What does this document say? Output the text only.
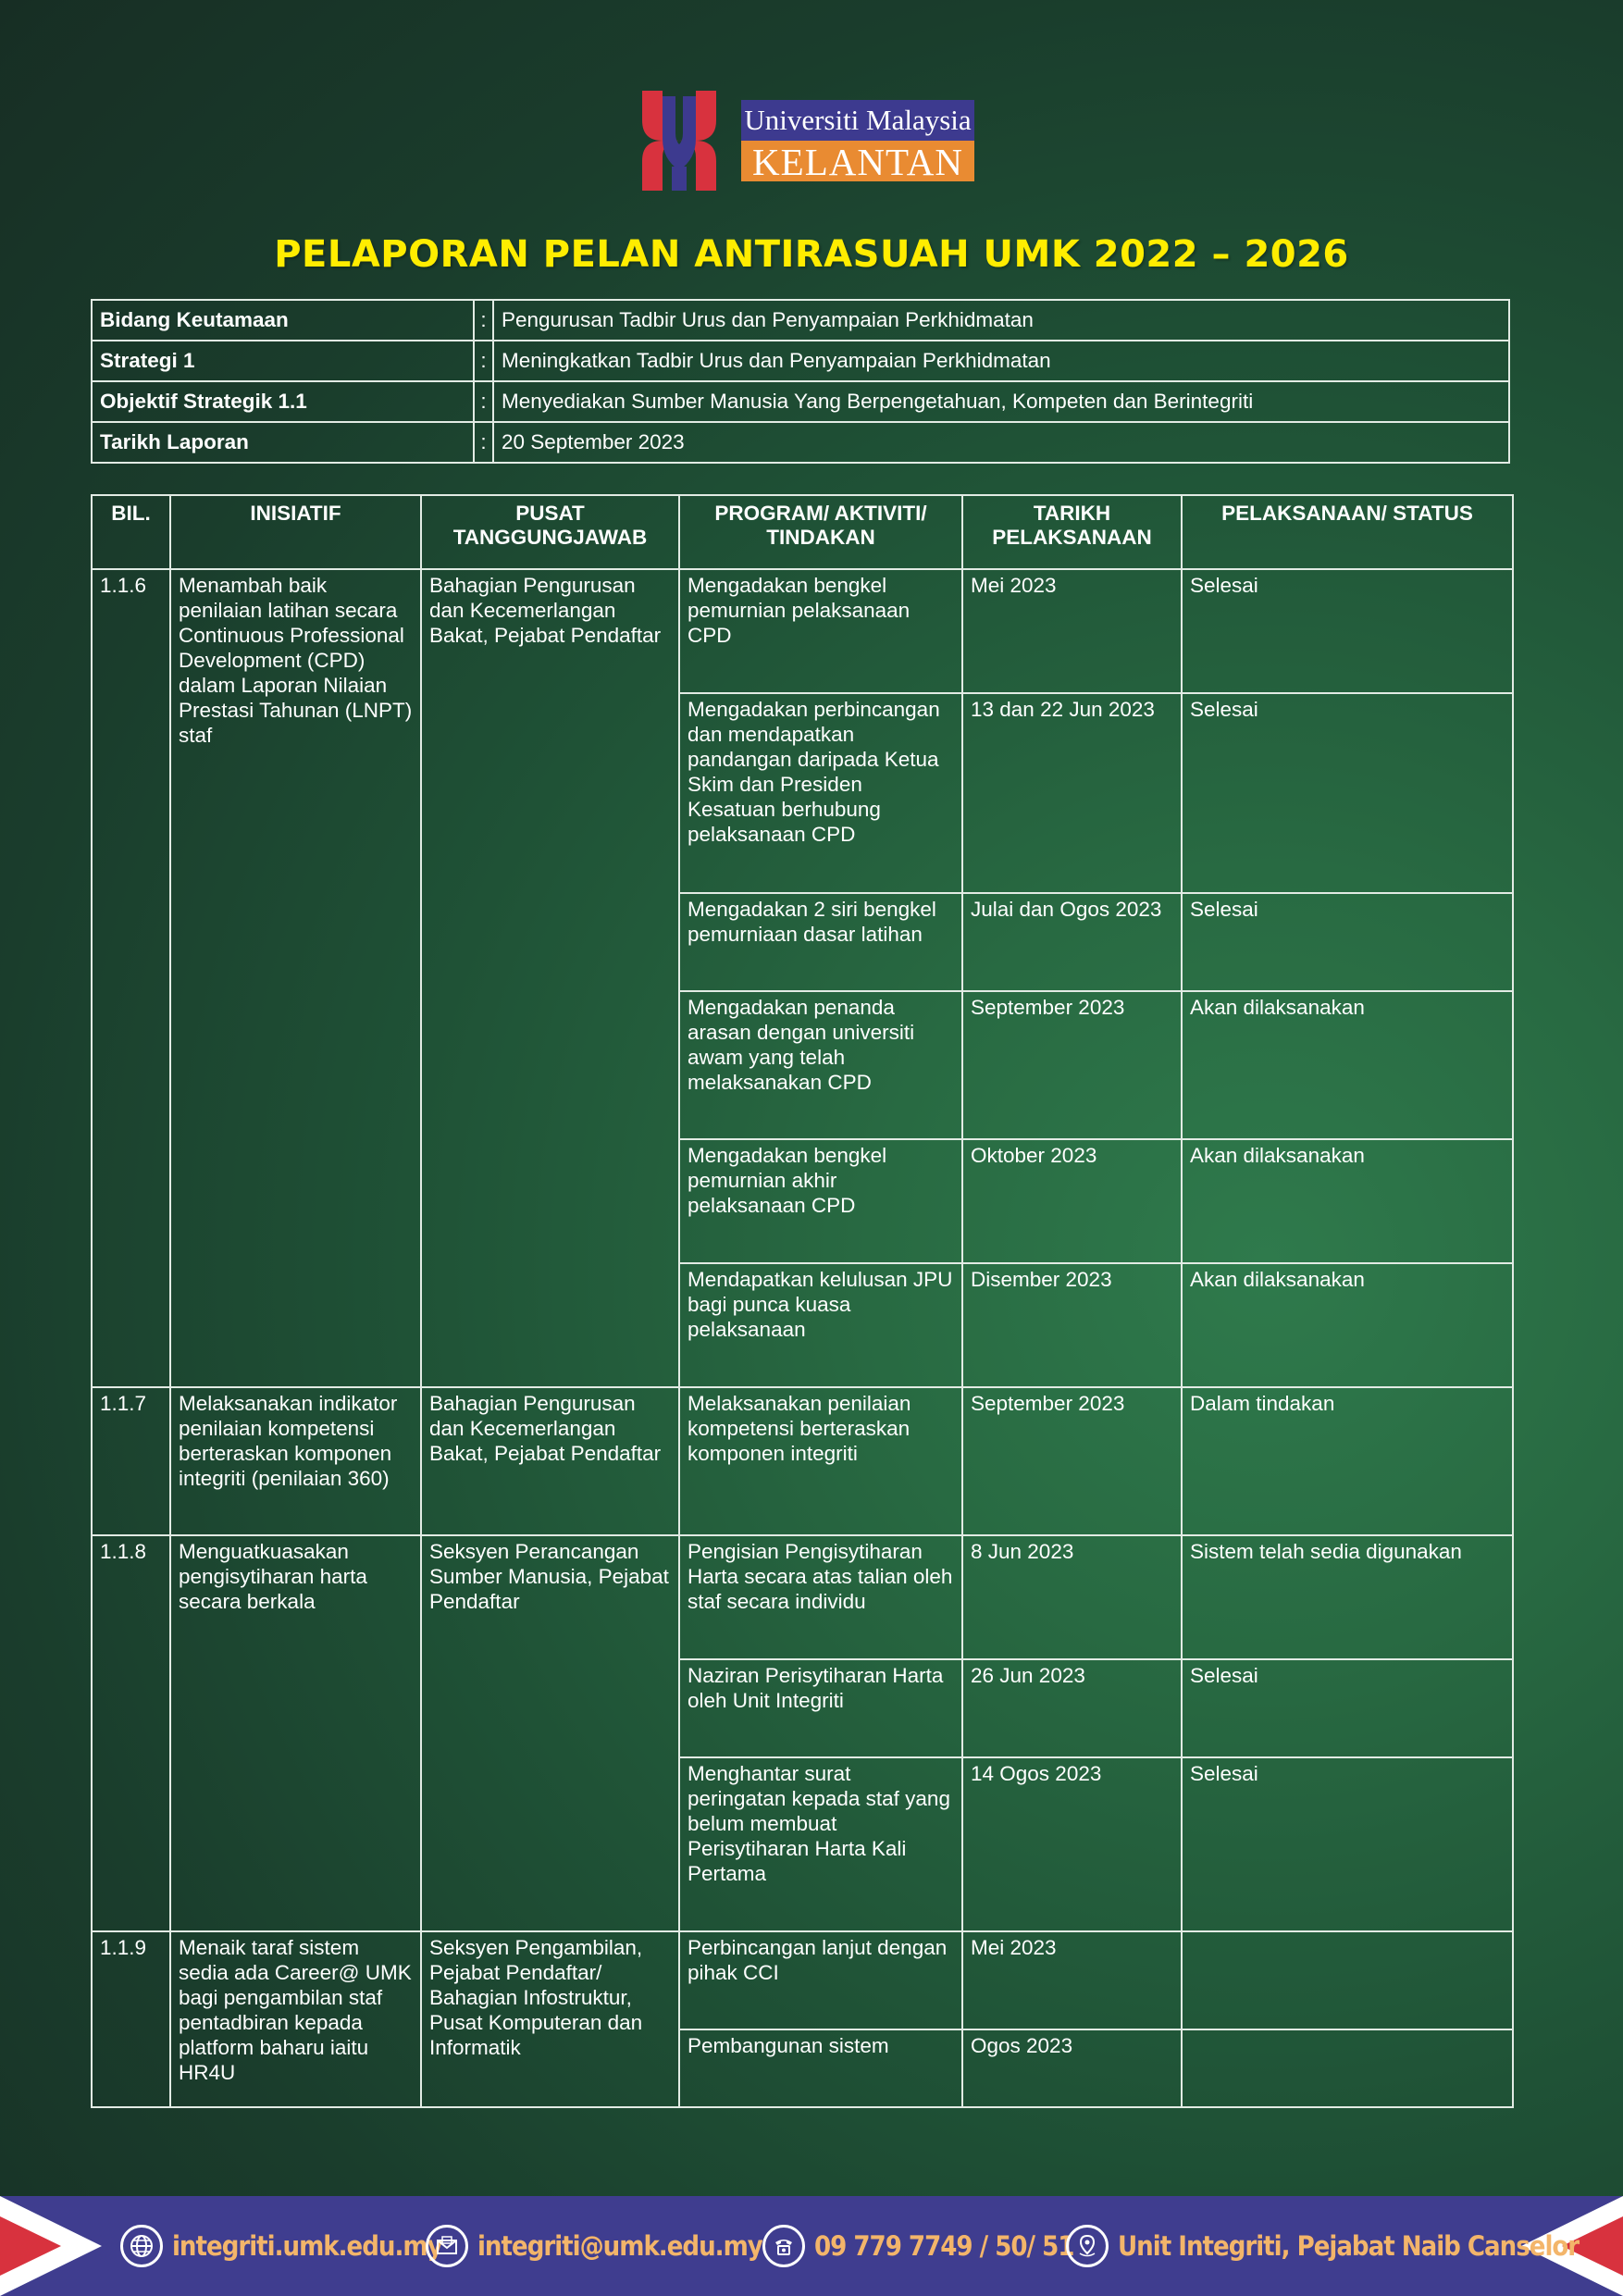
Universiti Malaysia
KELANTAN
PELAPORAN PELAN ANTIRASUAH UMK 2022 – 2026
Bidang Keutamaan	:	Pengurusan Tadbir Urus dan Penyampaian Perkhidmatan
Strategi 1	:	Meningkatkan Tadbir Urus dan Penyampaian Perkhidmatan
Objektif Strategik 1.1	:	Menyediakan Sumber Manusia Yang Berpengetahuan, Kompeten dan Berintegriti
Tarikh Laporan	:	20 September 2023
BIL.	INISIATIF	PUSAT TANGGUNGJAWAB	PROGRAM/ AKTIVITI/ TINDAKAN	TARIKH PELAKSANAAN	PELAKSANAAN/ STATUS
1.1.6	Menambah baik penilaian latihan secara Continuous Professional Development (CPD) dalam Laporan Nilaian Prestasi Tahunan (LNPT) staf	Bahagian Pengurusan dan Kecemerlangan Bakat, Pejabat Pendaftar	Mengadakan bengkel pemurnian pelaksanaan CPD	Mei 2023	Selesai
			Mengadakan perbincangan dan mendapatkan pandangan daripada Ketua Skim dan Presiden Kesatuan berhubung pelaksanaan CPD	13 dan 22 Jun 2023	Selesai
			Mengadakan 2 siri bengkel pemurniaan dasar latihan	Julai dan Ogos 2023	Selesai
			Mengadakan penanda arasan dengan universiti awam yang telah melaksanakan CPD	September 2023	Akan dilaksanakan
			Mengadakan bengkel pemurnian akhir pelaksanaan CPD	Oktober 2023	Akan dilaksanakan
			Mendapatkan kelulusan JPU bagi punca kuasa pelaksanaan	Disember 2023	Akan dilaksanakan
1.1.7	Melaksanakan indikator penilaian kompetensi berteraskan komponen integriti (penilaian 360)	Bahagian Pengurusan dan Kecemerlangan Bakat, Pejabat Pendaftar	Melaksanakan penilaian kompetensi berteraskan komponen integriti	September 2023	Dalam tindakan
1.1.8	Menguatkuasakan pengisytiharan harta secara berkala	Seksyen Perancangan Sumber Manusia, Pejabat Pendaftar	Pengisian Pengisytiharan Harta secara atas talian oleh staf secara individu	8 Jun 2023	Sistem telah sedia digunakan
			Naziran Perisytiharan Harta oleh Unit Integriti	26 Jun 2023	Selesai
			Menghantar surat peringatan kepada staf yang belum membuat Perisytiharan Harta Kali Pertama	14 Ogos 2023	Selesai
1.1.9	Menaik taraf sistem sedia ada Career@ UMK bagi pengambilan staf pentadbiran kepada platform baharu iaitu HR4U	Seksyen Pengambilan, Pejabat Pendaftar/ Bahagian Infostruktur, Pusat Komputeran dan Informatik	Perbincangan lanjut dengan pihak CCI	Mei 2023	
			Pembangunan sistem	Ogos 2023	
integriti.umk.edu.my integriti@umk.edu.my 09 779 7749 / 50/ 51 Unit Integriti, Pejabat Naib Canselor
